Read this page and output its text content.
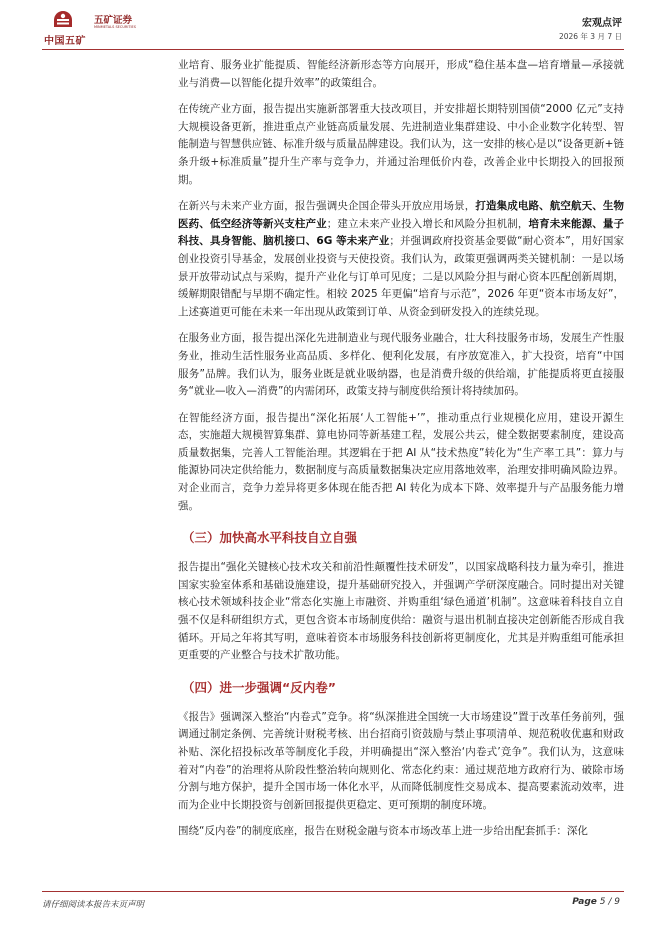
中国五矿
五矿证券
MINMETALS SECURITIES	宏观点评
2026 年 3 月 7 日

业培育、服务业扩能提质、智能经济新形态等方向展开，形成“稳住基本盘—培育增量—承接就业与消费—以智能化提升效率”的政策组合。

在传统产业方面，报告提出实施新部署重大技改项目，并安排超长期特别国债“2000 亿元”支持大规模设备更新，推进重点产业链高质量发展、先进制造业集群建设、中小企业数字化转型、智能制造与智慧供应链、标准升级与质量品牌建设。我们认为，这一安排的核心是以“设备更新+链条升级+标准质量”提升生产率与竞争力，并通过治理低价内卷，改善企业中长期投入的回报预期。

在新兴与未来产业方面，报告强调央企国企带头开放应用场景，打造集成电路、航空航天、生物医药、低空经济等新兴支柱产业；建立未来产业投入增长和风险分担机制，培育未来能源、量子科技、具身智能、脑机接口、6G 等未来产业；并强调政府投资基金要做“耐心资本”，用好国家创业投资引导基金，发展创业投资与天使投资。我们认为，政策更强调两类关键机制：一是以场景开放带动试点与采购，提升产业化与订单可见度；二是以风险分担与耐心资本匹配创新周期，缓解期限错配与早期不确定性。相较 2025 年更偏“培育与示范”，2026 年更“资本市场友好”，上述赛道更可能在未来一年出现从政策到订单、从资金到研发投入的连续兑现。

在服务业方面，报告提出深化先进制造业与现代服务业融合，壮大科技服务市场，发展生产性服务业，推动生活性服务业高品质、多样化、便利化发展，有序放宽准入，扩大投资，培育“中国服务”品牌。我们认为，服务业既是就业吸纳器，也是消费升级的供给端，扩能提质将更直接服务“就业—收入—消费”的内需闭环，政策支持与制度供给预计将持续加码。

在智能经济方面，报告提出“深化拓展‘人工智能+’”，推动重点行业规模化应用，建设开源生态，实施超大规模智算集群、算电协同等新基建工程，发展公共云，健全数据要素制度，建设高质量数据集，完善人工智能治理。其逻辑在于把 AI 从“技术热度”转化为“生产率工具”：算力与能源协同决定供给能力，数据制度与高质量数据集决定应用落地效率，治理安排明确风险边界。对企业而言，竞争力差异将更多体现在能否把 AI 转化为成本下降、效率提升与产品服务能力增强。

（三）加快高水平科技自立自强

报告提出“强化关键核心技术攻关和前沿性颠覆性技术研发”，以国家战略科技力量为牵引，推进国家实验室体系和基础设施建设，提升基础研究投入，并强调产学研深度融合。同时提出对关键核心技术领域科技企业“常态化实施上市融资、并购重组‘绿色通道’机制”。这意味着科技自立自强不仅是科研组织方式，更包含资本市场制度供给：融资与退出机制直接决定创新能否形成自我循环。开局之年将其写明，意味着资本市场服务科技创新将更制度化，尤其是并购重组可能承担更重要的产业整合与技术扩散功能。

（四）进一步强调“反内卷”

《报告》强调深入整治“内卷式”竞争。将“纵深推进全国统一大市场建设”置于改革任务前列，强调通过制定条例、完善统计财税考核、出台招商引资鼓励与禁止事项清单、规范税收优惠和财政补贴、深化招投标改革等制度化手段，并明确提出“深入整治‘内卷式’竞争”。我们认为，这意味着对“内卷”的治理将从阶段性整治转向规则化、常态化约束：通过规范地方政府行为、破除市场分割与地方保护，提升全国市场一体化水平，从而降低制度性交易成本、提高要素流动效率，进而为企业中长期投资与创新回报提供更稳定、更可预期的制度环境。

围绕“反内卷”的制度底座，报告在财税金融与资本市场改革上进一步给出配套抓手：深化

请仔细阅读本报告末页声明	Page 5 / 9
